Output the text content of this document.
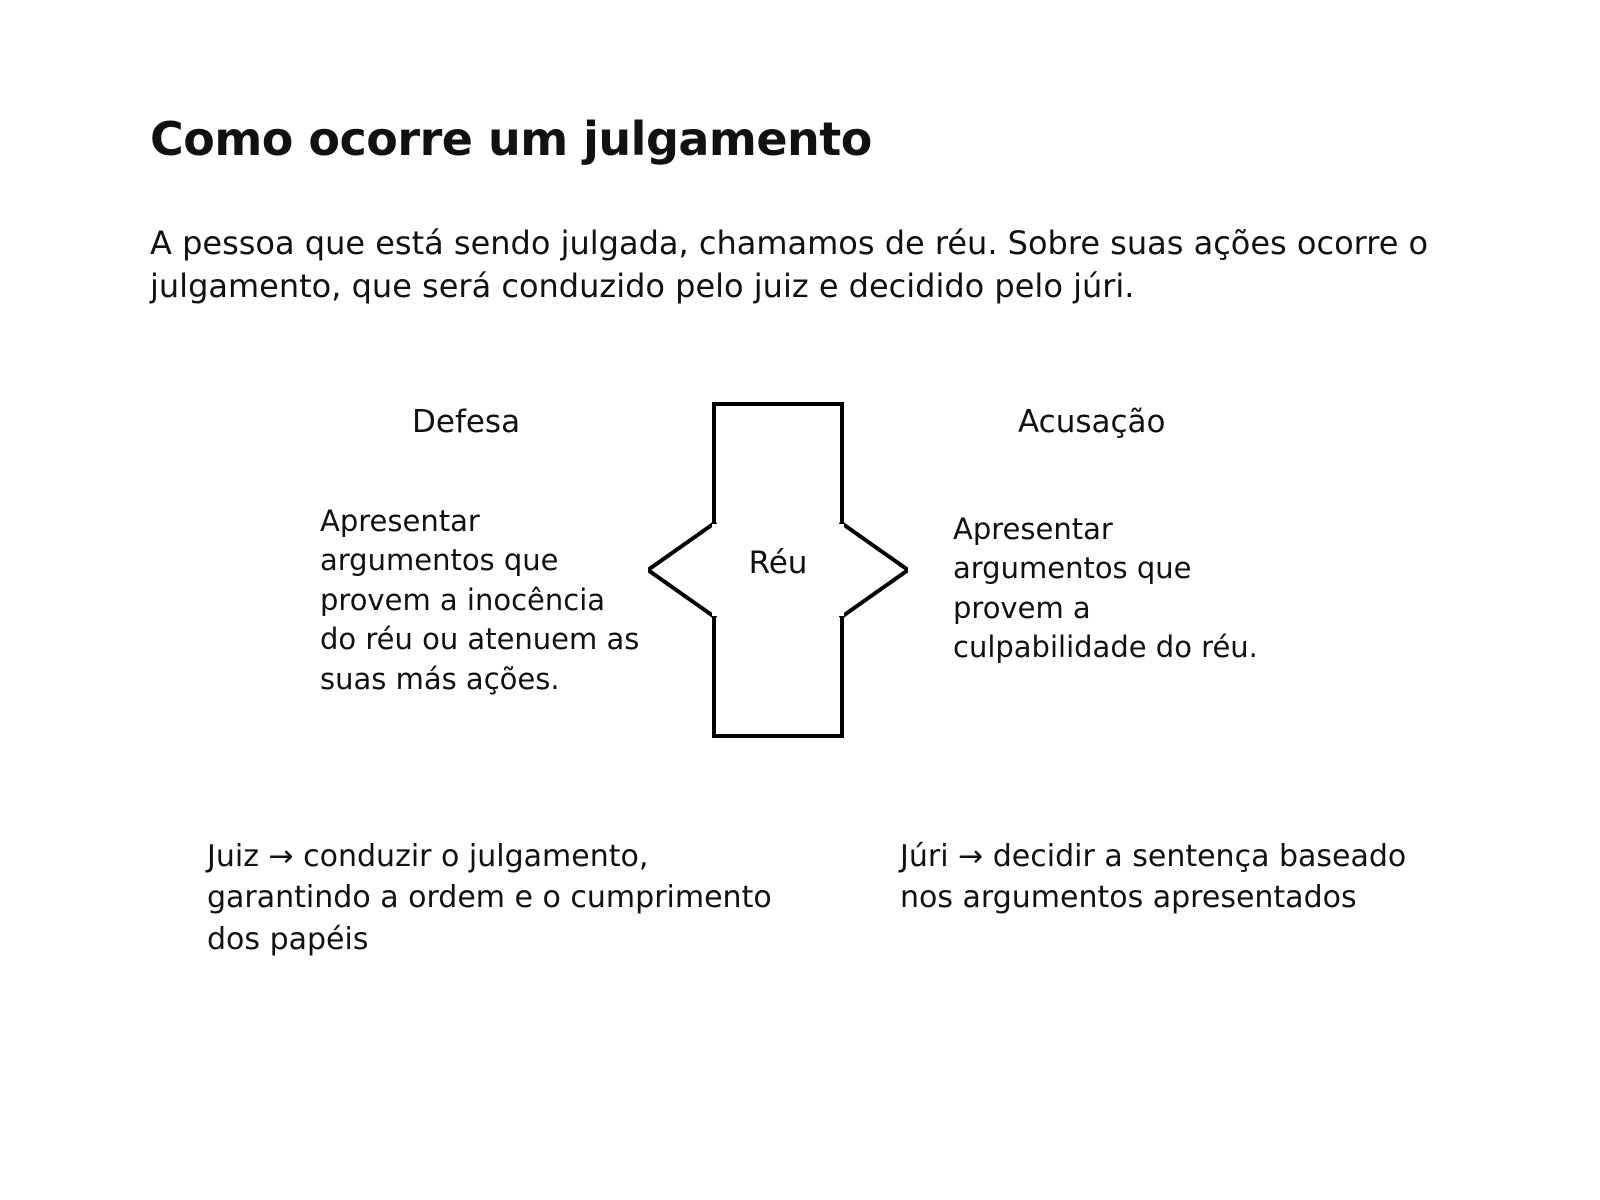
Como ocorre um julgamento
A pessoa que está sendo julgada, chamamos de réu. Sobre suas ações ocorre o julgamento, que será conduzido pelo juiz e decidido pelo júri.
Defesa	Acusação
Apresentar argumentos que provem a inocência do réu ou atenuem as suas más ações.
Apresentar argumentos que provem a culpabilidade do réu.
Réu
Juiz → conduzir o julgamento, garantindo a ordem e o cumprimento dos papéis
Júri → decidir a sentença baseado nos argumentos apresentados
